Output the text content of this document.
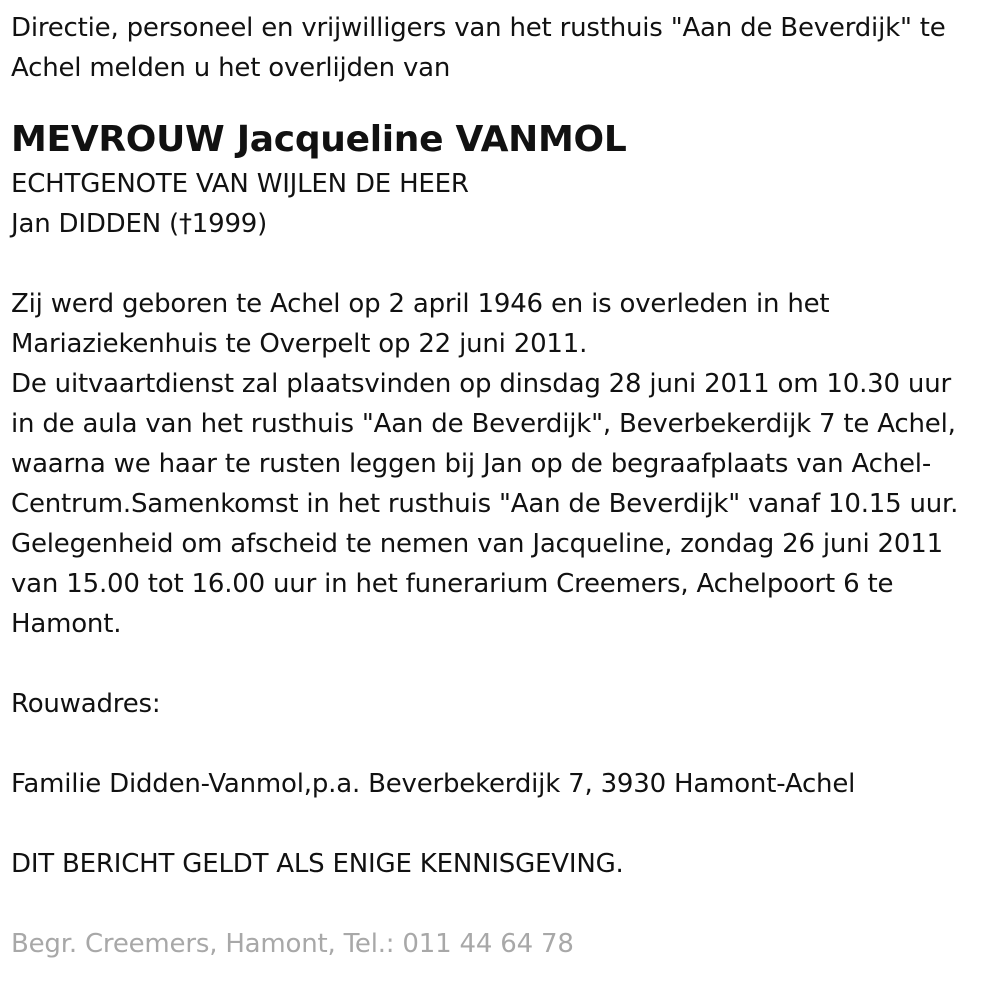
Directie, personeel en vrijwilligers van het rusthuis "Aan de Beverdijk" te
Achel melden u het overlijden van
MEVROUW Jacqueline VANMOL
ECHTGENOTE VAN WIJLEN DE HEER
Jan DIDDEN (†1999)
Zij werd geboren te Achel op 2 april 1946 en is overleden in het
Mariaziekenhuis te Overpelt op 22 juni 2011.
De uitvaartdienst zal plaatsvinden op dinsdag 28 juni 2011 om 10.30 uur
in de aula van het rusthuis "Aan de Beverdijk", Beverbekerdijk 7 te Achel,
waarna we haar te rusten leggen bij Jan op de begraafplaats van Achel-
Centrum.Samenkomst in het rusthuis "Aan de Beverdijk" vanaf 10.15 uur.
Gelegenheid om afscheid te nemen van Jacqueline, zondag 26 juni 2011
van 15.00 tot 16.00 uur in het funerarium Creemers, Achelpoort 6 te
Hamont.
Rouwadres:
Familie Didden-Vanmol,p.a. Beverbekerdijk 7, 3930 Hamont-Achel
DIT BERICHT GELDT ALS ENIGE KENNISGEVING.
Begr. Creemers, Hamont, Tel.: 011 44 64 78
